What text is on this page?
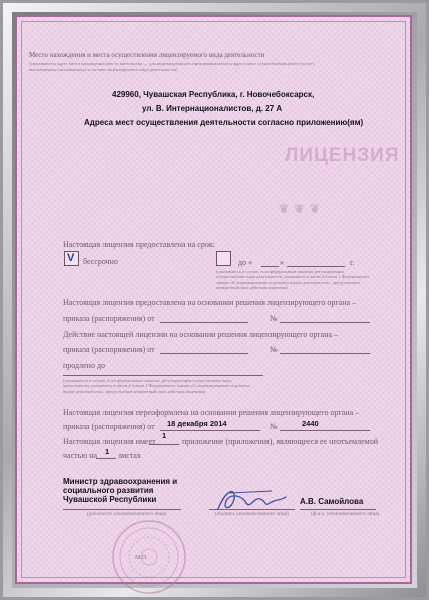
ЛИЦЕНЗИЯ
❦ ❦ ❦
Место нахождения и места осуществления лицензируемого вида деятельности
(указываются адрес места нахождения (место жительства — для индивидуального предпринимателя) и адреса мест осуществления работ (услуг),
выполняемых (оказываемых) в составе лицензируемого вида деятельности)
429960, Чувашская Республика, г. Новочебоксарск,
ул. В. Интернационалистов, д. 27 А
Адреса мест осуществления деятельности согласно приложению(ям)
Настоящая лицензия предоставлена на срок:
V бессрочно	до «	»	г.
(указывается в случае, если федеральным законом, регулирующим
осуществление вида деятельности, указанного в части 4 статьи 1 Федерального
закона «О лицензировании отдельных видов деятельности», предусмотрен
конкретный срок действия лицензии)
Настоящая лицензия предоставлена на основании решения лицензирующего органа –
приказа (распоряжения) от	№
Действие настоящей лицензии на основании решения лицензирующего органа –
приказа (распоряжения) от	№
продлено до
(указывается в случае, если федеральным законом, регулирующим осуществление вида
деятельности, указанного в части 4 статьи 1 Федерального закона «О лицензировании отдельных
видов деятельности», предусмотрен конкретный срок действия лицензии)
Настоящая лицензия переоформлена на основании решения лицензирующего органа –
приказа (распоряжения) от 18 декабря 2014	№	2440
Настоящая лицензия имеет
1
приложение (приложения), являющееся ее неотъемлемой
частью на 1 листах
Министр здравоохранения и
социального развития
Чувашской Республики
(должность уполномоченного лица)	(подпись уполномоченного лица)
А.В. Самойлова
(ф.и.о. уполномоченного лица)
М.П.
